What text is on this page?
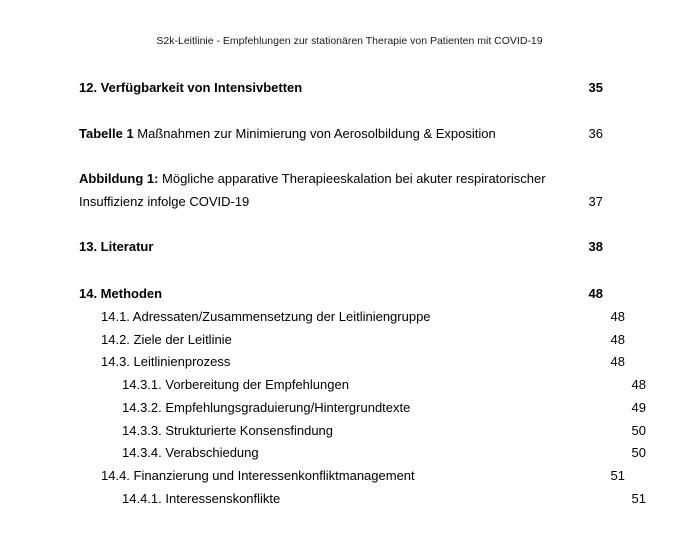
S2k-Leitlinie - Empfehlungen zur stationären Therapie von Patienten mit COVID-19
12. Verfügbarkeit von Intensivbetten	35
Tabelle 1 Maßnahmen zur Minimierung von Aerosolbildung & Exposition	36
Abbildung 1: Mögliche apparative Therapieeskalation bei akuter respiratorischer
Insuffizienz infolge COVID-19	37
13. Literatur	38
14. Methoden	48
14.1. Adressaten/Zusammensetzung der Leitliniengruppe	48
14.2. Ziele der Leitlinie	48
14.3. Leitlinienprozess	48
14.3.1. Vorbereitung der Empfehlungen	48
14.3.2. Empfehlungsgraduierung/Hintergrundtexte	49
14.3.3. Strukturierte Konsensfindung	50
14.3.4. Verabschiedung	50
14.4. Finanzierung und Interessenkonfliktmanagement	51
14.4.1. Interessenskonflikte	51
